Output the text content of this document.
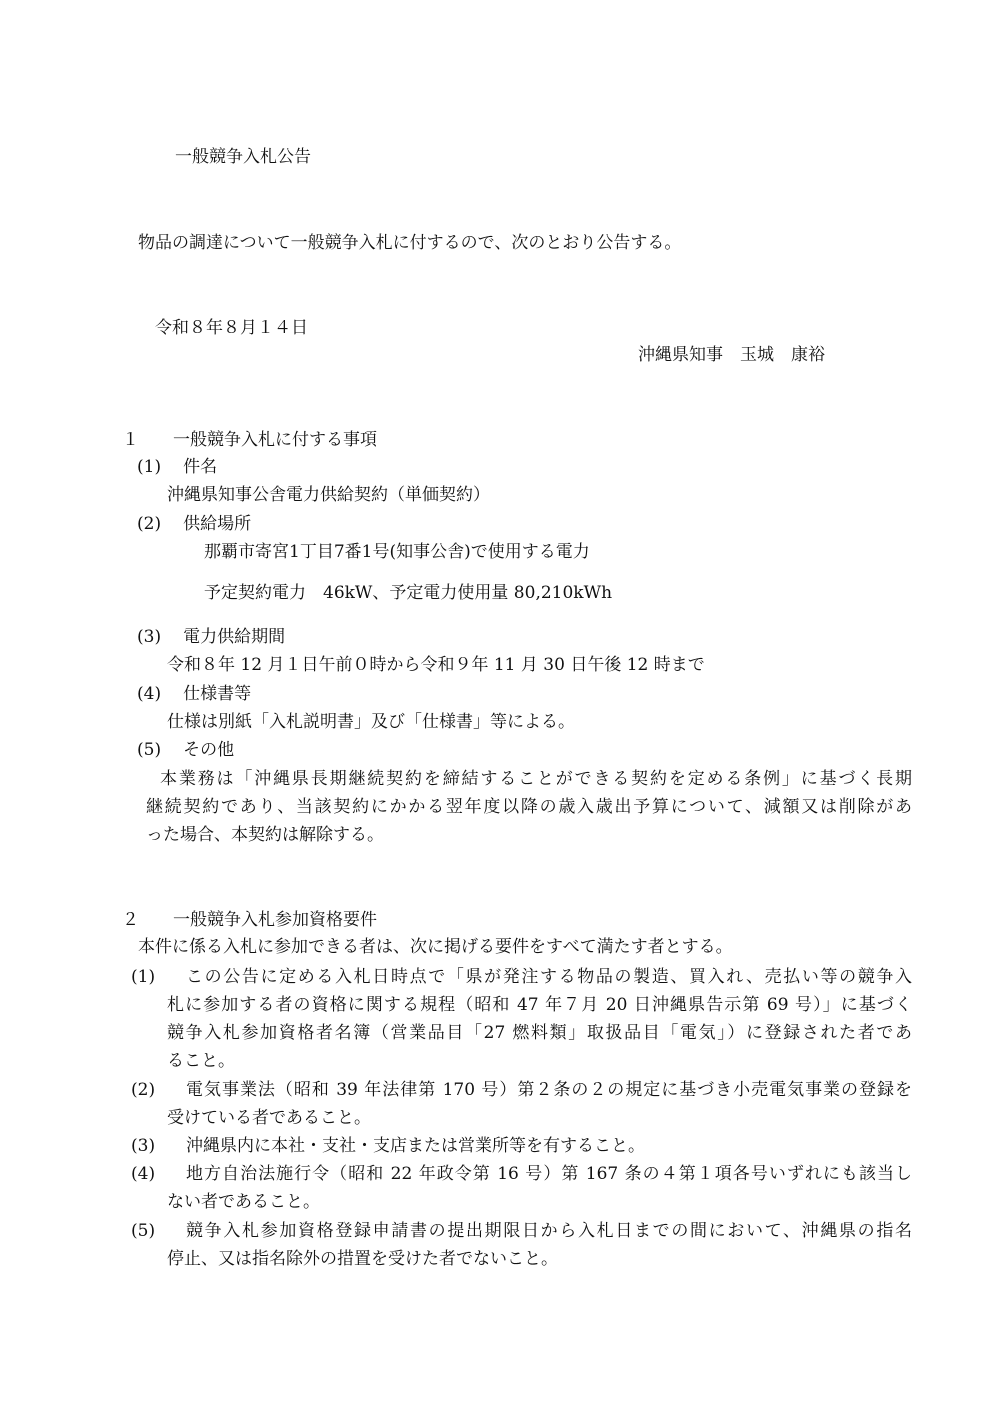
一般競争入札公告
物品の調達について一般競争入札に付するので、次のとおり公告する。
令和８年８月１４日
沖縄県知事　玉城　康裕
１ 一般競争入札に付する事項
(1) 件名
沖縄県知事公舎電力供給契約（単価契約）
(2) 供給場所
那覇市寄宮1丁目7番1号(知事公舎)で使用する電力
予定契約電力　46kW、予定電力使用量 80,210kWh
(3) 電力供給期間
令和８年 12 月１日午前０時から令和９年 11 月 30 日午後 12 時まで
(4) 仕様書等
仕様は別紙「入札説明書」及び「仕様書」等による。
(5) その他
本業務は「沖縄県長期継続契約を締結することができる契約を定める条例」に基づく長期
継続契約であり、当該契約にかかる翌年度以降の歳入歳出予算について、減額又は削除があ
った場合、本契約は解除する。
２ 一般競争入札参加資格要件
本件に係る入札に参加できる者は、次に掲げる要件をすべて満たす者とする。
(1) この公告に定める入札日時点で「県が発注する物品の製造、買入れ、売払い等の競争入
札に参加する者の資格に関する規程（昭和 47 年７月 20 日沖縄県告示第 69 号）」に基づく
競争入札参加資格者名簿（営業品目「27 燃料類」取扱品目「電気」）に登録された者であ
ること。
(2) 電気事業法（昭和 39 年法律第 170 号）第２条の２の規定に基づき小売電気事業の登録を
受けている者であること。
(3) 沖縄県内に本社・支社・支店または営業所等を有すること。
(4) 地方自治法施行令（昭和 22 年政令第 16 号）第 167 条の４第１項各号いずれにも該当し
ない者であること。
(5) 競争入札参加資格登録申請書の提出期限日から入札日までの間において、沖縄県の指名
停止、又は指名除外の措置を受けた者でないこと。
